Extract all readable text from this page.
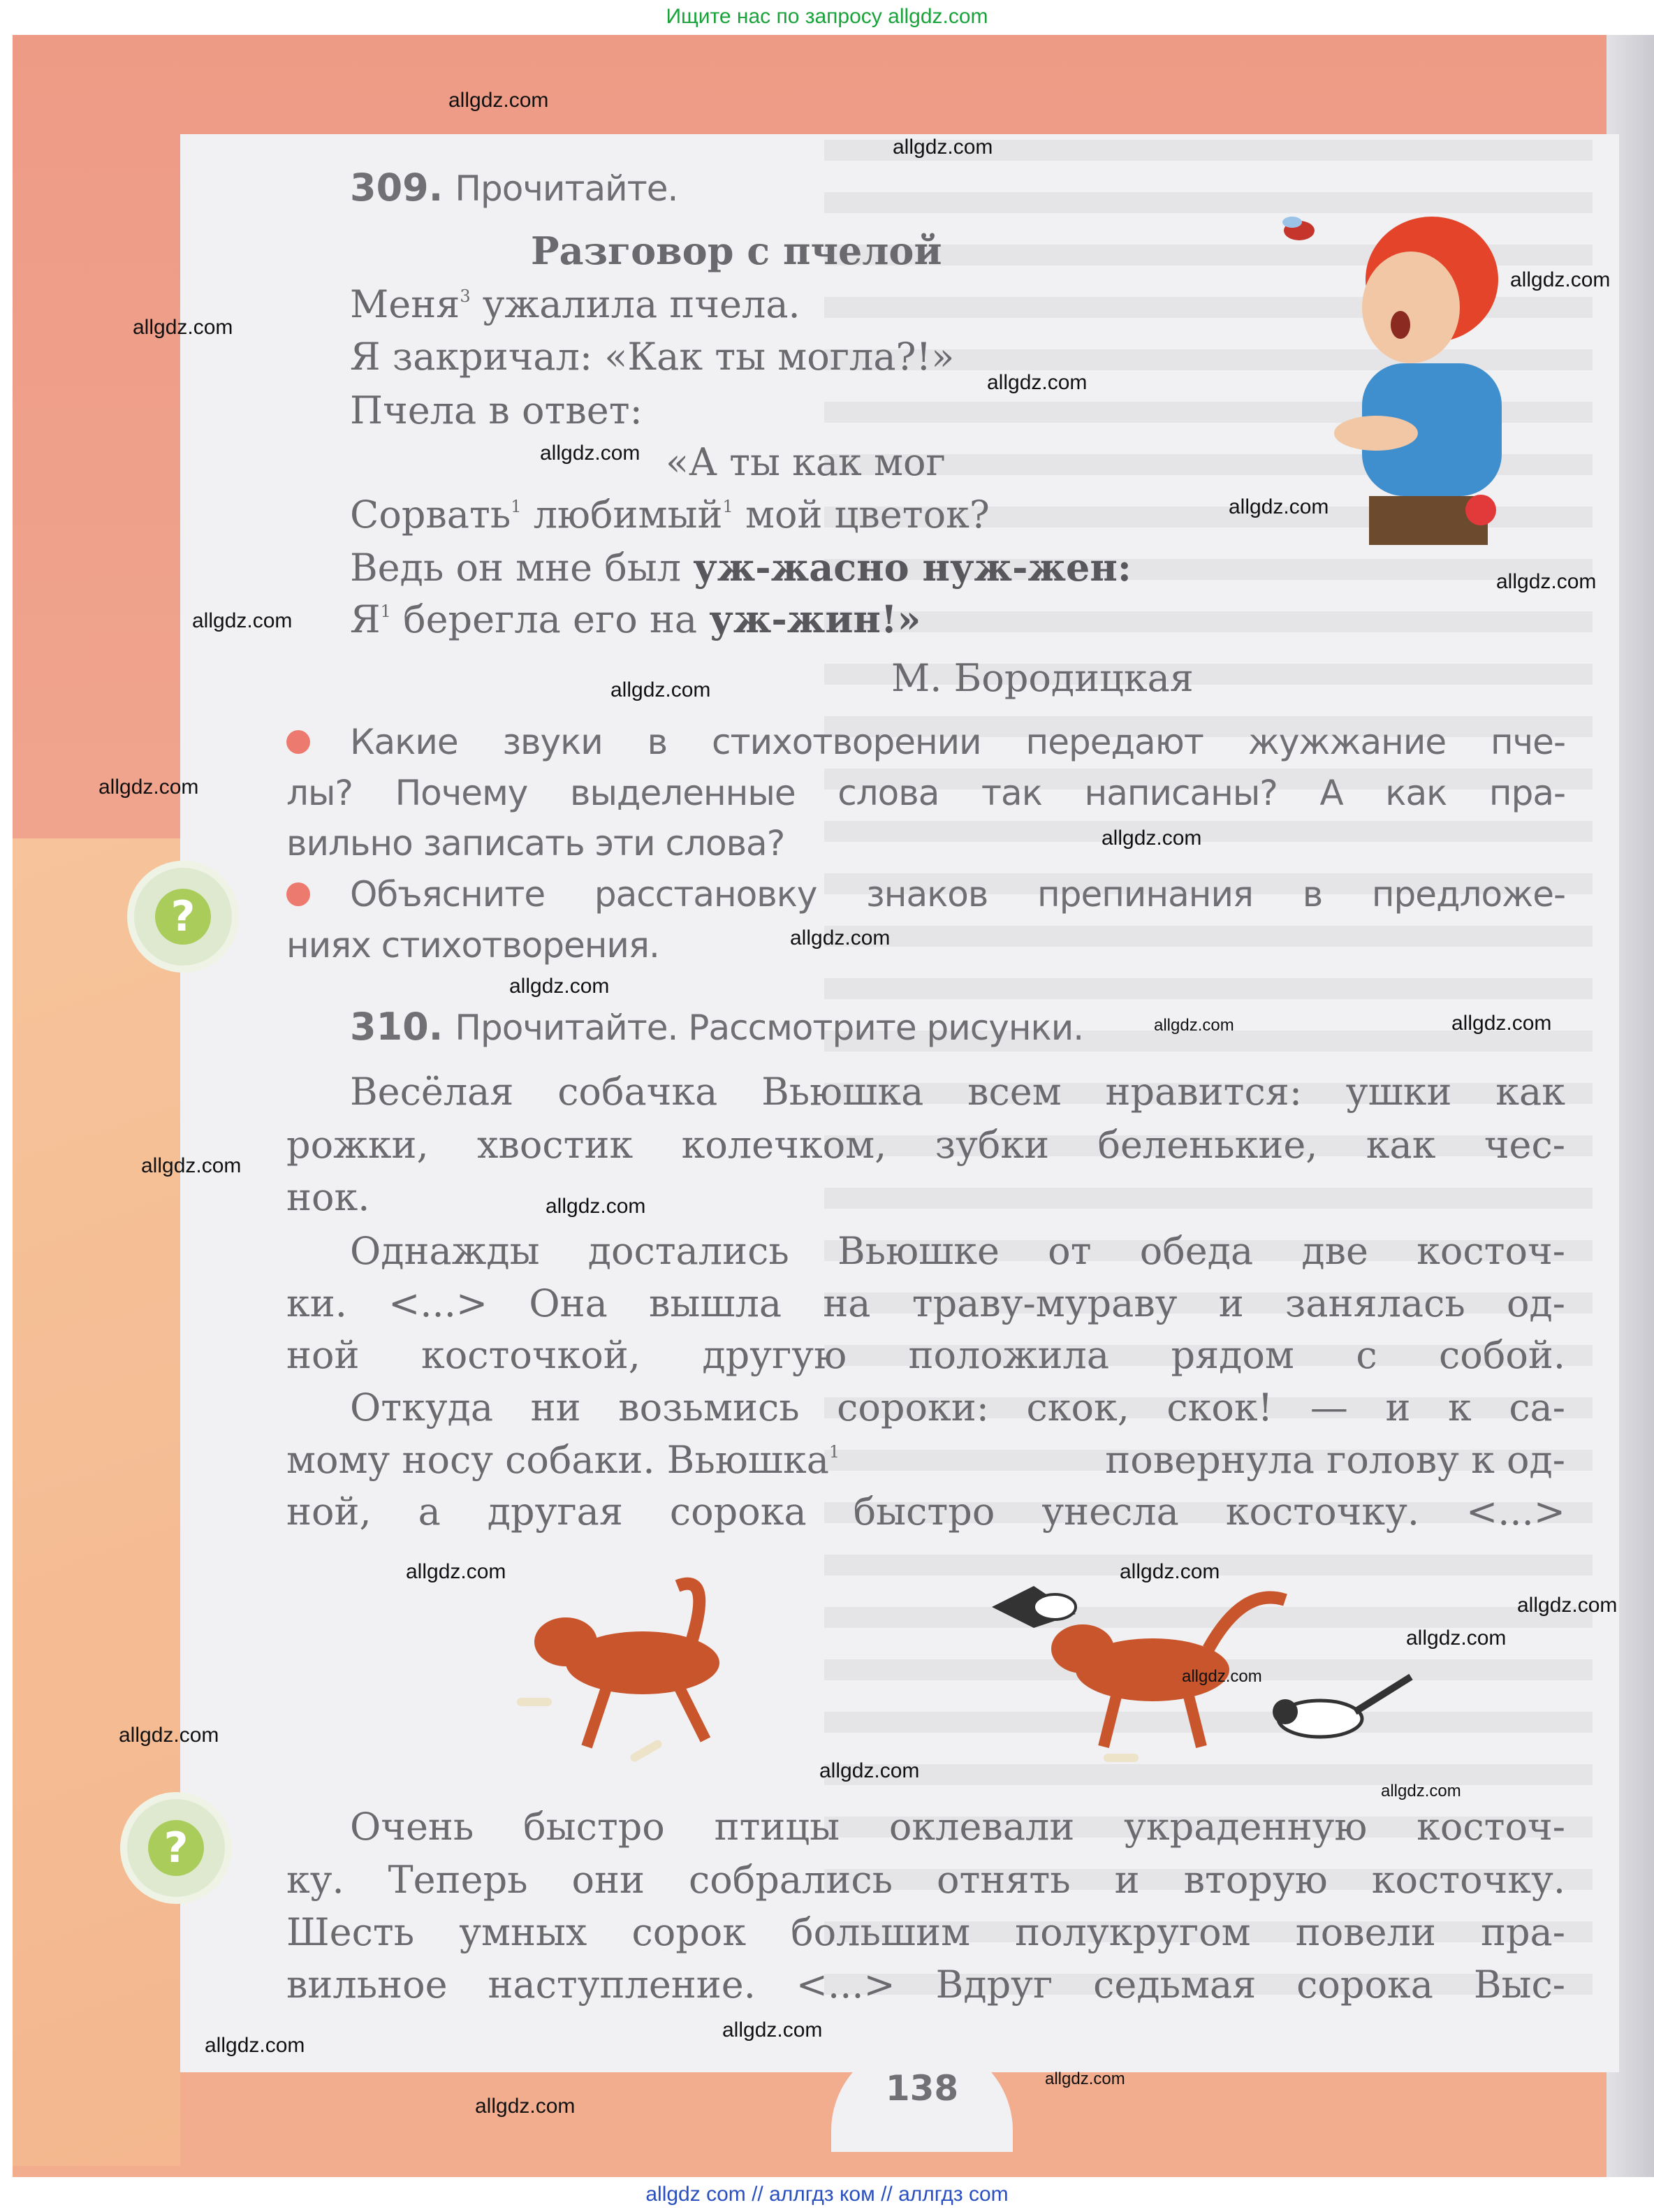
Ищите нас по запросу allgdz.com
309. Прочитайте.
Разговор с пчелой
Меня$^3$ ужалила пчела.
Я закричал: «Как ты могла?!»
Пчела в ответ:
«А ты как мог
Сорвать$^1$ любимый$^1$ мой цветок?
Ведь он мне был уж-жасно нуж-жен:
$Я^1$ берегла его на уж-жин!»
М. Бородицкая
Какие звуки в стихотворении передают жужжание пче-
лы? Почему выделенные слова так написаны? А как пра-
вильно записать эти слова?
Объясните расстановку знаков препинания в предложе-
ниях стихотворения.
?
?
310. Прочитайте. Рассмотрите рисунки.
Весёлая собачка Вьюшка всем нравится: ушки как
рожки, хвостик колечком, зубки беленькие, как чес-
нок.
Однажды достались Вьюшке от обеда две косточ-
ки. <...> Она вышла на траву-мураву и занялась од-
ной косточкой, другую положила рядом с собой.
Откуда ни возьмись сороки: скок, скок! — и к са-
мому носу собаки. Вьюшка$^1$	повернула голову к од-
ной, а другая сорока быстро унесла косточку. <...>
Очень быстро птицы оклевали украденную косточ-
ку. Теперь они собрались отнять и вторую косточку.
Шесть умных сорок большим полукругом повели пра-
вильное наступление. <...> Вдруг седьмая сорока Выс-
138
allgdz.com
allgdz.com
allgdz.com
allgdz.com
allgdz.com
allgdz.com
allgdz.com
allgdz.com
allgdz.com
allgdz.com
allgdz.com
allgdz.com
allgdz.com
allgdz.com
allgdz.com
allgdz.com
allgdz.com
allgdz.com
allgdz.com
allgdz.com
allgdz.com
allgdz.com
allgdz.com
allgdz.com
allgdz.com
allgdz.com
allgdz.com
allgdz.com
allgdz.com
allgdz.com
allgdz com // аллгдз ком // аллгдз com
